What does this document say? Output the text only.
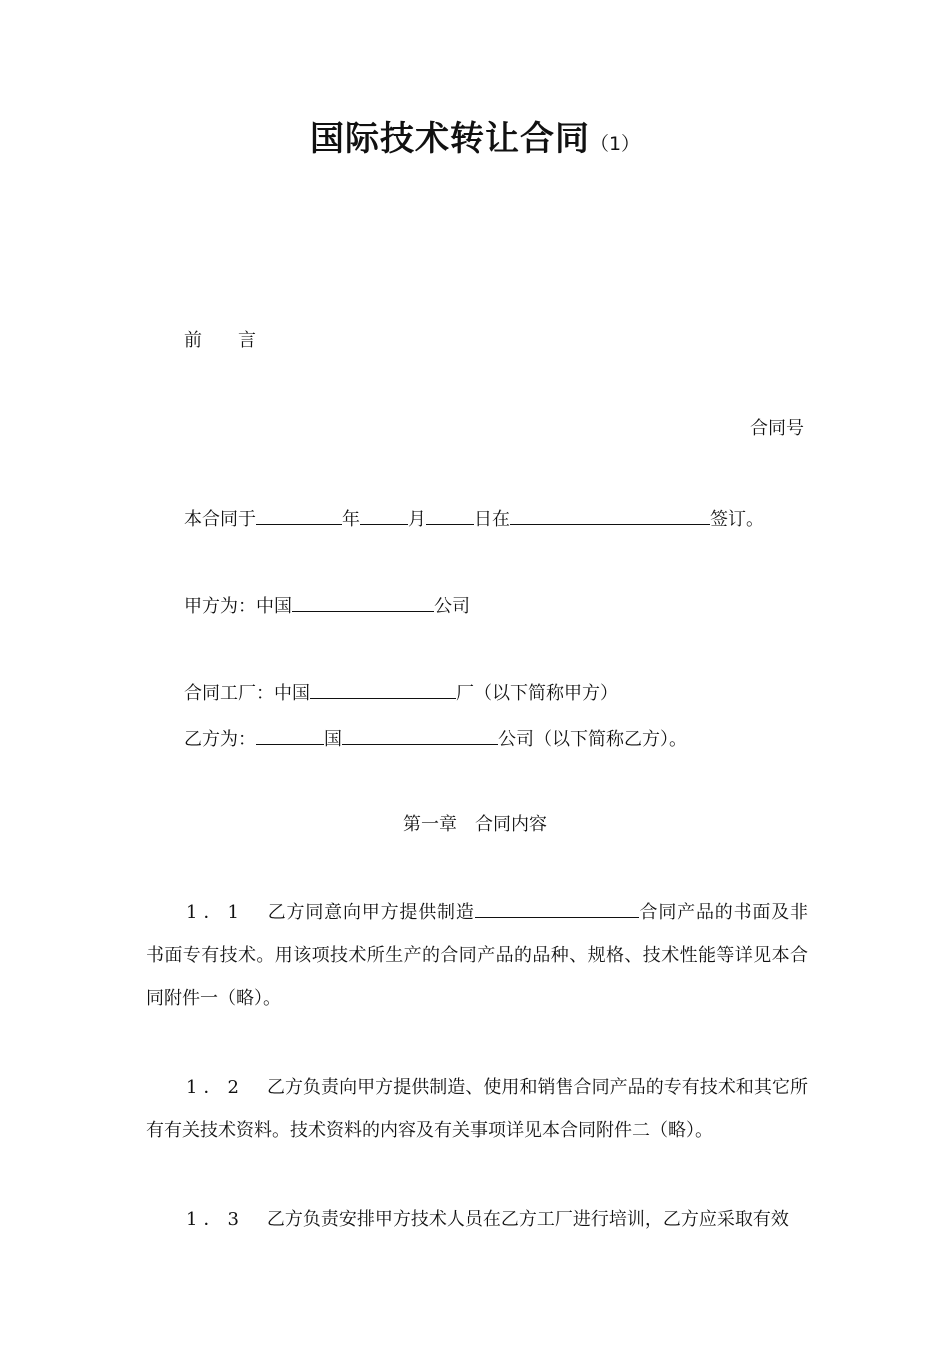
国际技术转让合同（1）
前　　言
合同号
本合同于	年	月	日在	签订。
甲方为：中国	公司
合同工厂：中国	厂（以下简称甲方）
乙方为：	国	公司（以下简称乙方）。
第一章　合同内容
1．1 乙方同意向甲方提供制造	合同产品的书面及非书面专有技术。用该项技术所生产的合同产品的品种、规格、技术性能等详见本合同附件一（略）。
1．2 乙方负责向甲方提供制造、使用和销售合同产品的专有技术和其它所有有关技术资料。技术资料的内容及有关事项详见本合同附件二（略）。
1．3 乙方负责安排甲方技术人员在乙方工厂进行培训，乙方应采取有效
